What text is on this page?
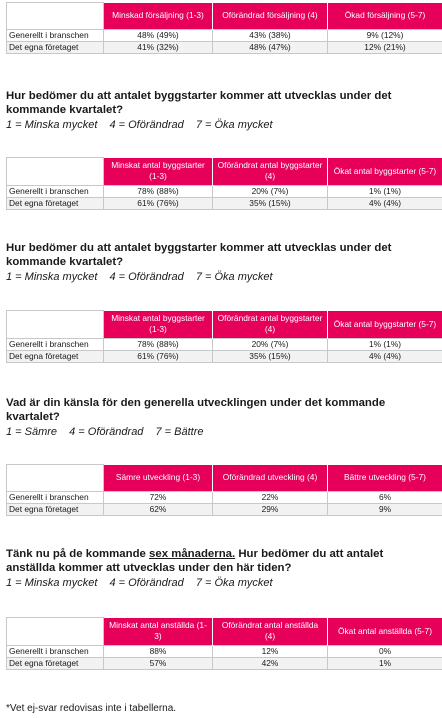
	Minskad försäljning (1-3)	Oförändrad försäljning (4)	Ökad försäljning (5-7)
Generellt i branschen	48% (49%)	43% (38%)	9% (12%)
Det egna företaget	41% (32%)	48% (47%)	12% (21%)
Hur bedömer du att antalet byggstarter kommer att utvecklas under det kommande kvartalet?
1 = Minska mycket 4 = Oförändrad 7 = Öka mycket
	Minskat antal byggstarter (1-3)	Oförändrat antal byggstarter (4)	Ökat antal byggstarter (5-7)
Generellt i branschen	78% (88%)	20% (7%)	1% (1%)
Det egna företaget	61% (76%)	35% (15%)	4% (4%)
Hur bedömer du att antalet byggstarter kommer att utvecklas under det kommande kvartalet?
1 = Minska mycket 4 = Oförändrad 7 = Öka mycket
	Minskat antal byggstarter (1-3)	Oförändrat antal byggstarter (4)	Ökat antal byggstarter (5-7)
Generellt i branschen	78% (88%)	20% (7%)	1% (1%)
Det egna företaget	61% (76%)	35% (15%)	4% (4%)
Vad är din känsla för den generella utvecklingen under det kommande kvartalet?
1 = Sämre 4 = Oförändrad 7 = Bättre
	Sämre utveckling (1-3)	Oförändrad utveckling (4)	Bättre utveckling (5-7)
Generellt i branschen	72%	22%	6%
Det egna företaget	62%	29%	9%
Tänk nu på de kommande sex månaderna. Hur bedömer du att antalet anställda kommer att utvecklas under den här tiden?
1 = Minska mycket 4 = Oförändrad 7 = Öka mycket
	Minskat antal anställda (1-3)	Oförändrat antal anställda (4)	Ökat antal anställda (5-7)
Generellt i branschen	88%	12%	0%
Det egna företaget	57%	42%	1%
*Vet ej-svar redovisas inte i tabellerna.
